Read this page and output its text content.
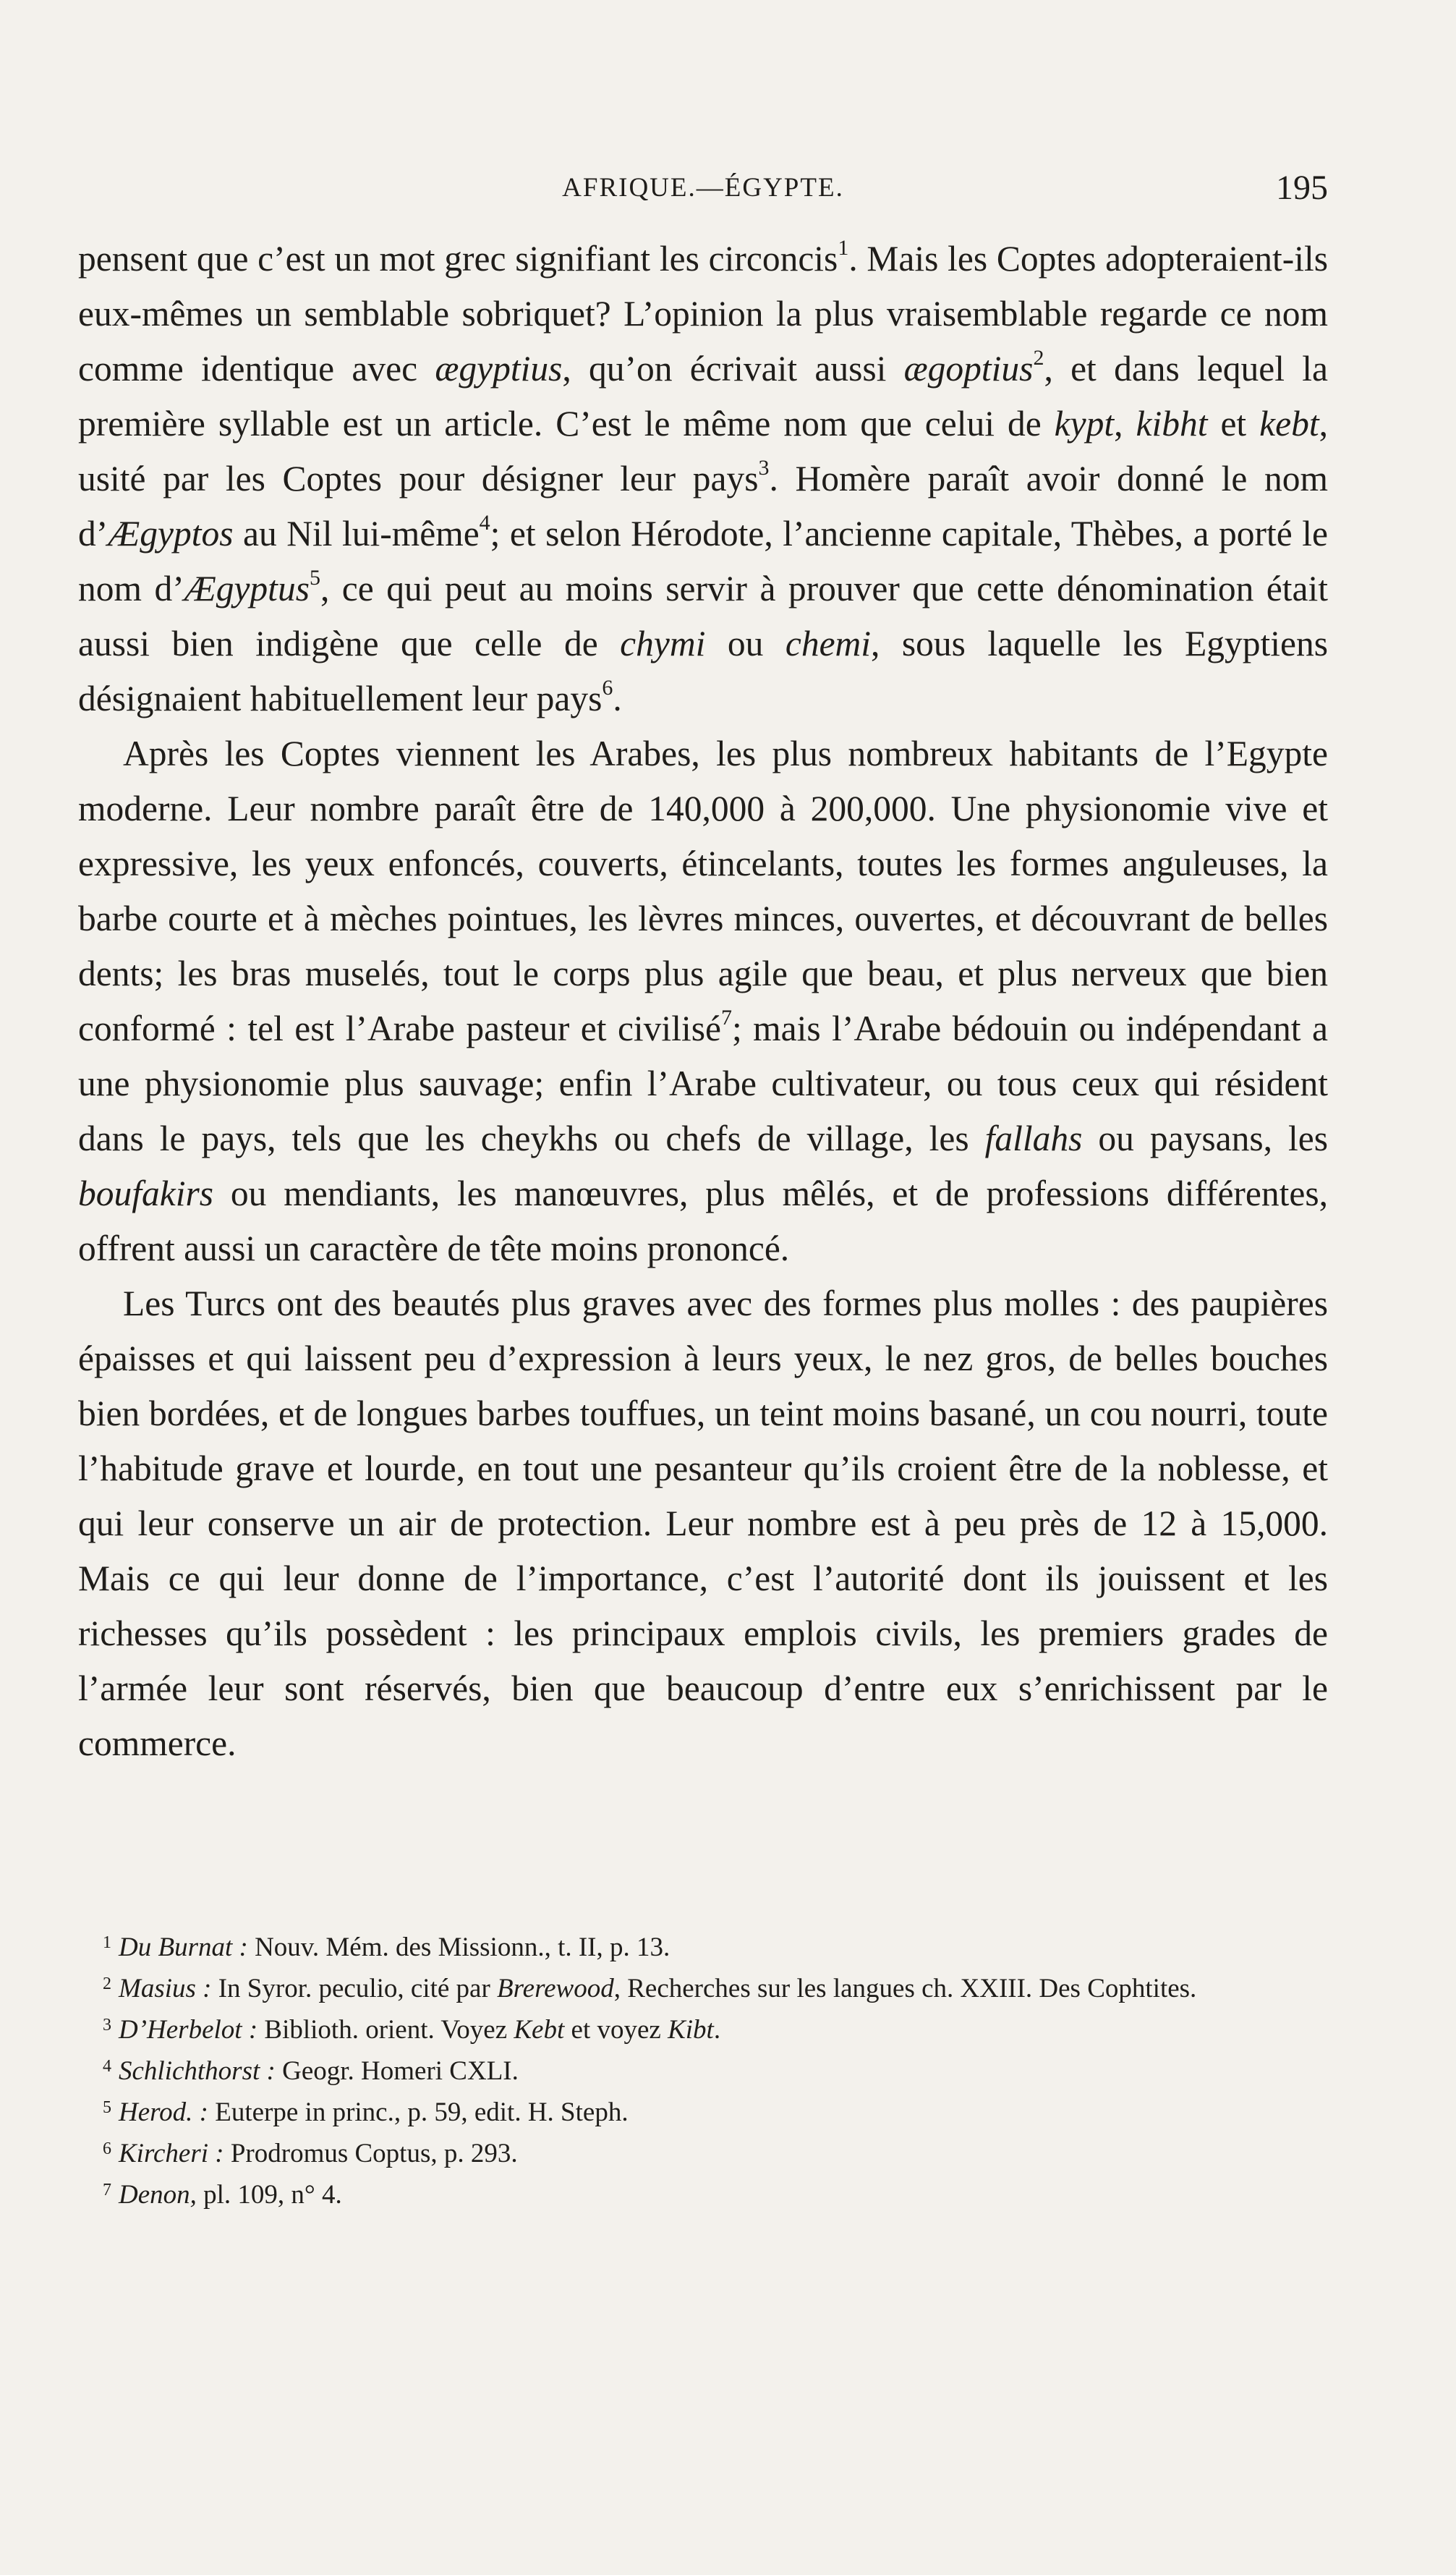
AFRIQUE.—ÉGYPTE.	195

pensent que c’est un mot grec signifiant les circoncis$^1$. Mais les Coptes adopteraient-ils eux-mêmes un semblable sobriquet? L’opinion la plus vraisemblable regarde ce nom comme identique avec ægyptius, qu’on écrivait aussi ægoptius$^2$, et dans lequel la première syllable est un article. C’est le même nom que celui de kypt, kibht et kebt, usité par les Coptes pour désigner leur pays$^3$. Homère paraît avoir donné le nom d’Ægyptos au Nil lui-même$^4$; et selon Hérodote, l’ancienne capitale, Thèbes, a porté le nom d’Ægyptus$^5$, ce qui peut au moins servir à prouver que cette dénomination était aussi bien indigène que celle de chymi ou chemi, sous laquelle les Egyptiens désignaient habituellement leur pays$^6$.

Après les Coptes viennent les Arabes, les plus nombreux habitants de l’Egypte moderne. Leur nombre paraît être de 140,000 à 200,000. Une physionomie vive et expressive, les yeux enfoncés, couverts, étincelants, toutes les formes anguleuses, la barbe courte et à mèches pointues, les lèvres minces, ouvertes, et découvrant de belles dents; les bras muselés, tout le corps plus agile que beau, et plus nerveux que bien conformé : tel est l’Arabe pasteur et civilisé$^7$; mais l’Arabe bédouin ou indépendant a une physionomie plus sauvage; enfin l’Arabe cultivateur, ou tous ceux qui résident dans le pays, tels que les cheykhs ou chefs de village, les fallahs ou paysans, les boufakirs ou mendiants, les manœuvres, plus mêlés, et de professions différentes, offrent aussi un caractère de tête moins prononcé.

Les Turcs ont des beautés plus graves avec des formes plus molles : des paupières épaisses et qui laissent peu d’expression à leurs yeux, le nez gros, de belles bouches bien bordées, et de longues barbes touffues, un teint moins basané, un cou nourri, toute l’habitude grave et lourde, en tout une pesanteur qu’ils croient être de la noblesse, et qui leur conserve un air de protection. Leur nombre est à peu près de 12 à 15,000. Mais ce qui leur donne de l’importance, c’est l’autorité dont ils jouissent et les richesses qu’ils possèdent : les principaux emplois civils, les premiers grades de l’armée leur sont réservés, bien que beaucoup d’entre eux s’enrichissent par le commerce.

$^1$ Du Burnat : Nouv. Mém. des Missionn., t. II, p. 13.

$^2$ Masius : In Syror. peculio, cité par Brerewood, Recherches sur les langues ch. XXIII. Des Cophtites.

$^3$ D’Herbelot : Biblioth. orient. Voyez Kebt et voyez Kibt.

$^4$ Schlichthorst : Geogr. Homeri CXLI.

$^5$ Herod. : Euterpe in princ., p. 59, edit. H. Steph.

$^6$ Kircheri : Prodromus Coptus, p. 293.

$^7$ Denon, pl. 109, n° 4.
